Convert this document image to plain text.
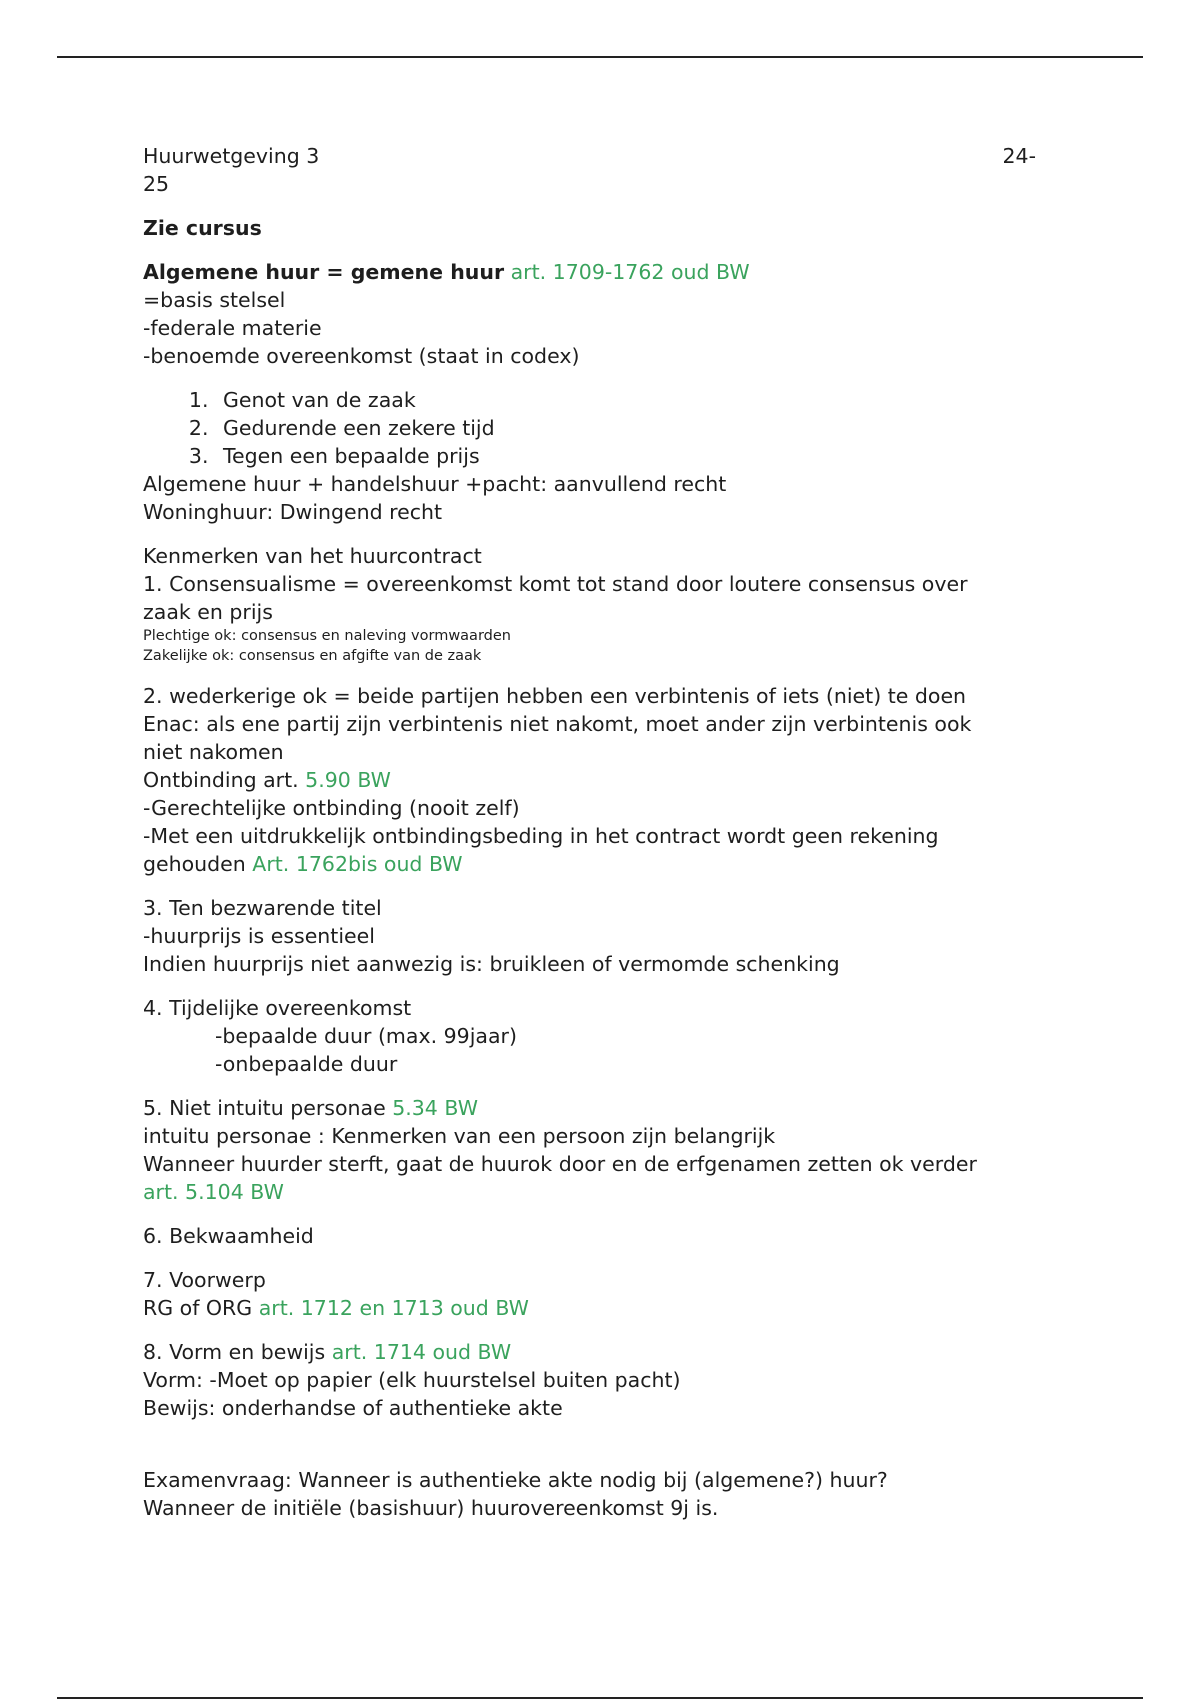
Huurwetgeving 3	24-
25
Zie cursus
Algemene huur = gemene huur art. 1709-1762 oud BW
=basis stelsel
-federale materie
-benoemde overeenkomst (staat in codex)
1. Genot van de zaak
2. Gedurende een zekere tijd
3. Tegen een bepaalde prijs
Algemene huur + handelshuur +pacht: aanvullend recht
Woninghuur: Dwingend recht
Kenmerken van het huurcontract
1. Consensualisme = overeenkomst komt tot stand door loutere consensus over
zaak en prijs
Plechtige ok: consensus en naleving vormwaarden
Zakelijke ok: consensus en afgifte van de zaak
2. wederkerige ok = beide partijen hebben een verbintenis of iets (niet) te doen
Enac: als ene partij zijn verbintenis niet nakomt, moet ander zijn verbintenis ook
niet nakomen
Ontbinding art. 5.90 BW
-Gerechtelijke ontbinding (nooit zelf)
-Met een uitdrukkelijk ontbindingsbeding in het contract wordt geen rekening
gehouden Art. 1762bis oud BW
3. Ten bezwarende titel
-huurprijs is essentieel
Indien huurprijs niet aanwezig is: bruikleen of vermomde schenking
4. Tijdelijke overeenkomst
-bepaalde duur (max. 99jaar)
-onbepaalde duur
5. Niet intuitu personae 5.34 BW
intuitu personae : Kenmerken van een persoon zijn belangrijk
Wanneer huurder sterft, gaat de huurok door en de erfgenamen zetten ok verder
art. 5.104 BW
6. Bekwaamheid
7. Voorwerp
RG of ORG art. 1712 en 1713 oud BW
8. Vorm en bewijs art. 1714 oud BW
Vorm: -Moet op papier (elk huurstelsel buiten pacht)
Bewijs: onderhandse of authentieke akte
Examenvraag: Wanneer is authentieke akte nodig bij (algemene?) huur?
Wanneer de initiële (basishuur) huurovereenkomst 9j is.
